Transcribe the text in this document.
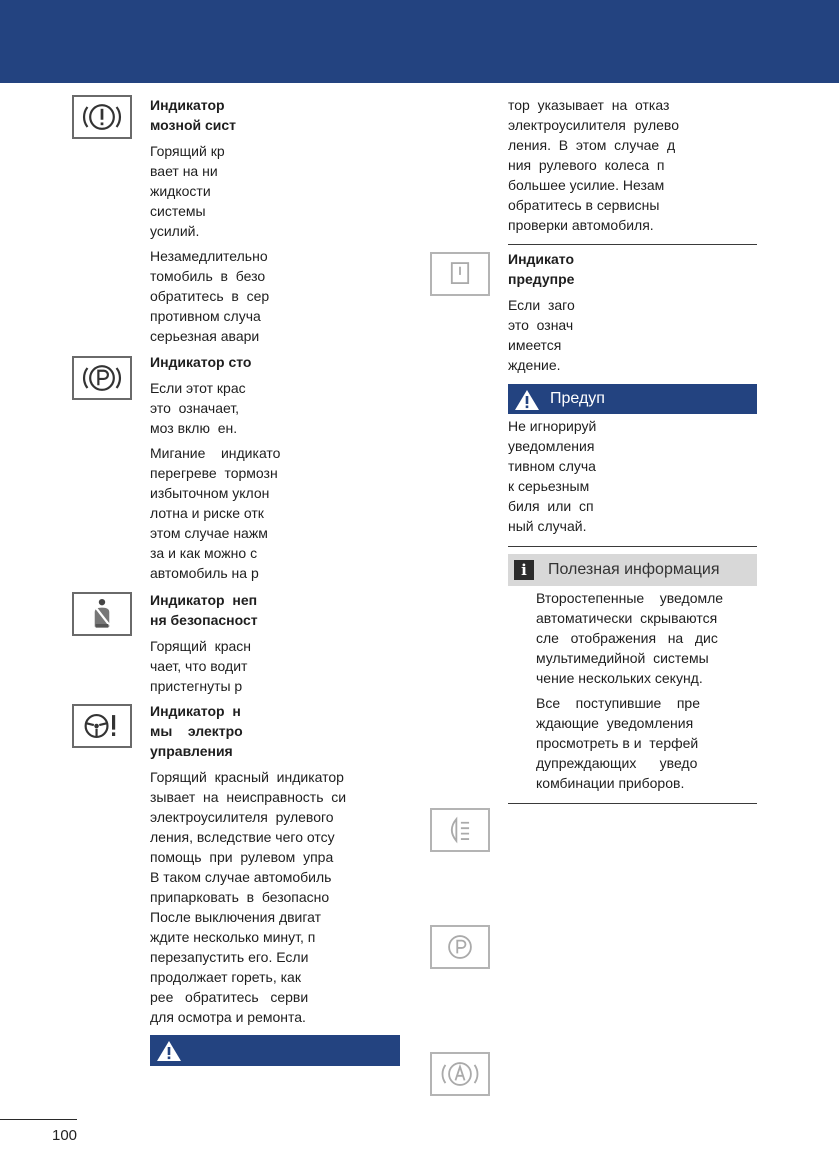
Индикатор
мозной сист
Горящий кр
вает на ни
жидкости
системы
усилий.
Незамедлительно
томобиль  в  безо
обратитесь  в  сер
противном случа
серьезная авари
Индикатор сто
Если этот крас
это  означает,
моз вклю  ен.
Мигание    индикато
перегреве  тормозн
избыточном уклон
лотна и риске отк
этом случае нажм
за и как можно с
автомобиль на р
Индикатор  неп
ня безопасност
Горящий  красн
чает, что водит
пристегнуты р
Индикатор  н
мы    электро
управления
Горящий  красный  индикатор
зывает  на  неисправность  си
электроусилителя  рулевого
ления, вследствие чего отсу
помощь  при  рулевом  упра
В таком случае автомобиль
припарковать  в  безопасно
После выключения двигат
ждите несколько минут, п
перезапустить его. Если
продолжает гореть, как
рее   обратитесь   серви
для осмотра и ремонта.
тор  указывает  на  отказ
электроусилителя  рулево
ления.  В  этом  случае  д
ния  рулевого  колеса  п
большее усилие. Незам
обратитесь в сервисны
проверки автомобиля.
Индикато
предупре
Если  заго
это  означ
имеется
ждение.
Предуп
Не игнорируй
уведомления
тивном случа
к серьезным
биля  или  сп
ный случай.
i	Полезная информация
Второстепенные    уведомле
автоматически  скрываются
сле   отображения   на   дис
мультимедийной  системы
чение нескольких секунд.
Все    поступившие    пре
ждающие  уведомления
просмотреть в и  терфей
дупреждающих      уведо
комбинации приборов.
100
